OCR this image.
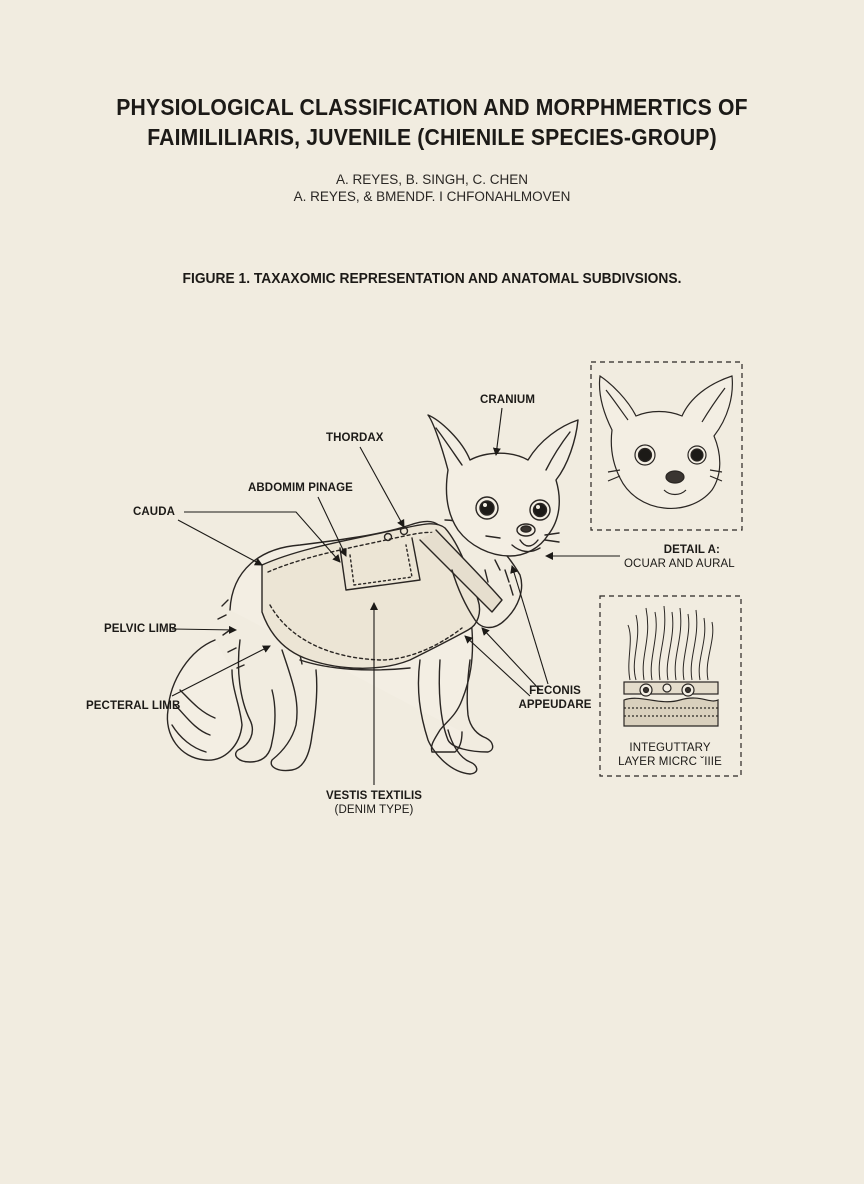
PHYSIOLOGICAL CLASSIFICATION AND MORPHMERTICS OF
FAIMILILIARIS, JUVENILE (CHIENILE SPECIES-GROUP)
A. REYES, B. SINGH, C. CHEN
A. REYES, & BMENDF. I CHFONAHLMOVEN
FIGURE 1. TAXAXOMIC REPRESENTATION AND ANATOMAL SUBDIVSIONS.
CRANIUM
THORDAX
ABDOMIM PINAGE
CAUDA
PELVIC LIMB
PECTERAL LIMB
VESTIS TEXTILIS
(DENIM TYPE)
FECONIS
APPEUDARE
DETAIL A:
OCUAR AND AURAL
INTEGUTTARY
LAYER MICRC ˇIIIE
